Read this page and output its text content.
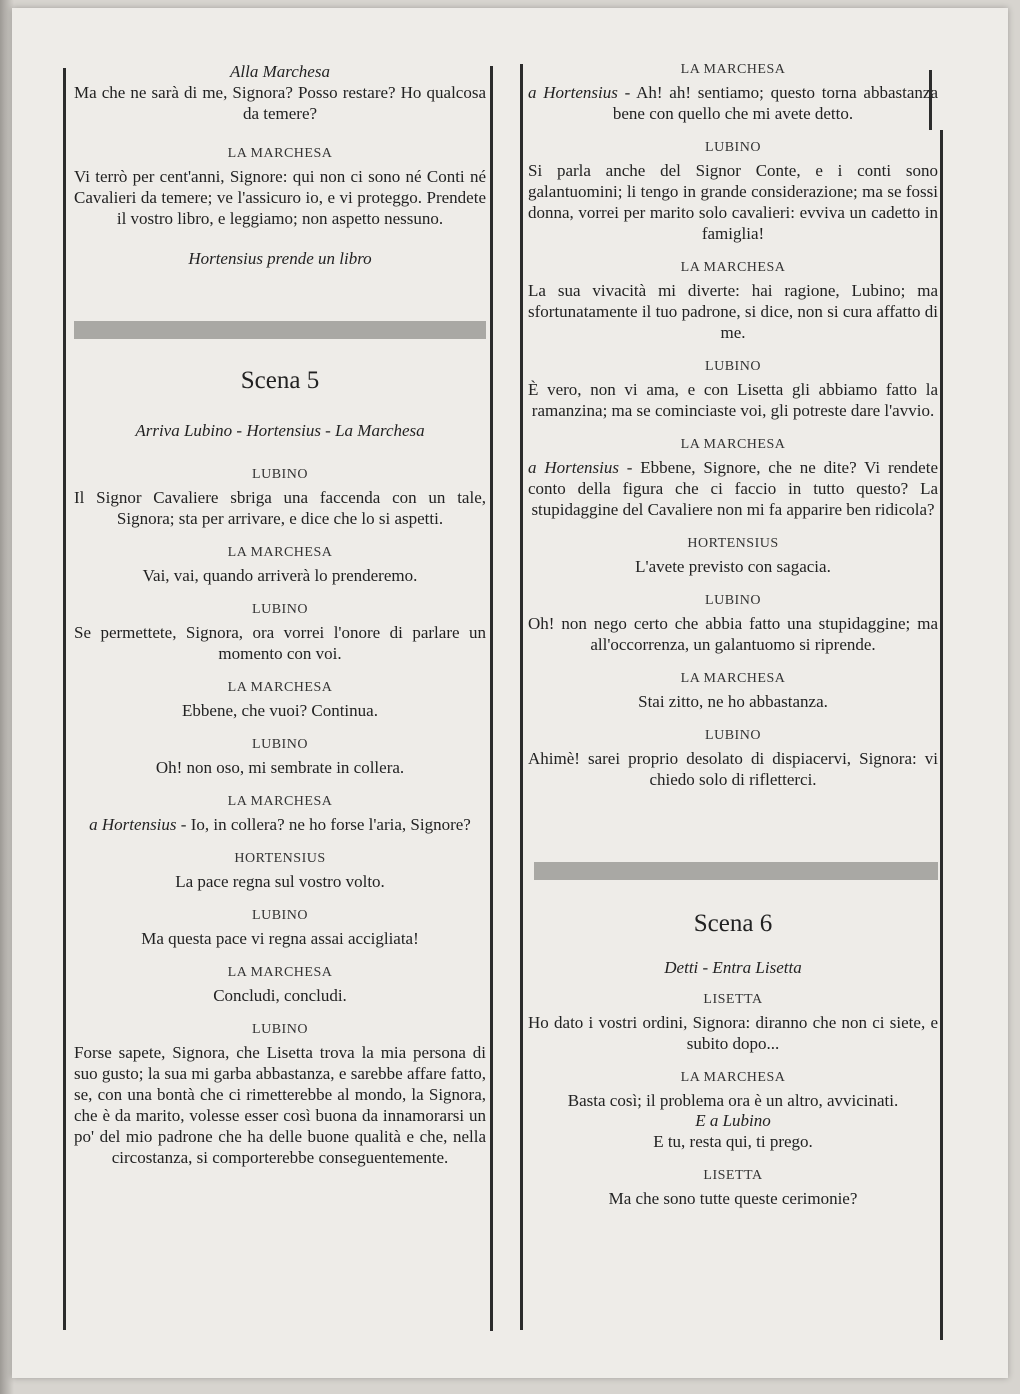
Alla Marchesa
Ma che ne sarà di me, Signora? Posso restare? Ho qualcosa da temere?
LA MARCHESA
Vi terrò per cent'anni, Signore: qui non ci sono né Conti né Cavalieri da temere; ve l'assicuro io, e vi proteggo. Prendete il vostro libro, e leggiamo; non aspetto nessuno.
Hortensius prende un libro
Scena 5
Arriva Lubino - Hortensius - La Marchesa
LUBINO
Il Signor Cavaliere sbriga una faccenda con un tale, Signora; sta per arrivare, e dice che lo si aspetti.
LA MARCHESA
Vai, vai, quando arriverà lo prenderemo.
LUBINO
Se permettete, Signora, ora vorrei l'onore di parlare un momento con voi.
LA MARCHESA
Ebbene, che vuoi? Continua.
LUBINO
Oh! non oso, mi sembrate in collera.
LA MARCHESA
a Hortensius - Io, in collera? ne ho forse l'aria, Signore?
HORTENSIUS
La pace regna sul vostro volto.
LUBINO
Ma questa pace vi regna assai accigliata!
LA MARCHESA
Concludi, concludi.
LUBINO
Forse sapete, Signora, che Lisetta trova la mia persona di suo gusto; la sua mi garba abbastanza, e sarebbe affare fatto, se, con una bontà che ci rimetterebbe al mondo, la Signora, che è da marito, volesse esser così buona da innamorarsi un po' del mio padrone che ha delle buone qualità e che, nella circostanza, si comporterebbe conseguentemente.
LA MARCHESA
a Hortensius - Ah! ah! sentiamo; questo torna abbastanza bene con quello che mi avete detto.
LUBINO
Si parla anche del Signor Conte, e i conti sono galantuomini; li tengo in grande considerazione; ma se fossi donna, vorrei per marito solo cavalieri: evviva un cadetto in famiglia!
LA MARCHESA
La sua vivacità mi diverte: hai ragione, Lubino; ma sfortunatamente il tuo padrone, si dice, non si cura affatto di me.
LUBINO
È vero, non vi ama, e con Lisetta gli abbiamo fatto la ramanzina; ma se cominciaste voi, gli potreste dare l'avvio.
LA MARCHESA
a Hortensius - Ebbene, Signore, che ne dite? Vi rendete conto della figura che ci faccio in tutto questo? La stupidaggine del Cavaliere non mi fa apparire ben ridicola?
HORTENSIUS
L'avete previsto con sagacia.
LUBINO
Oh! non nego certo che abbia fatto una stupidaggine; ma all'occorrenza, un galantuomo si riprende.
LA MARCHESA
Stai zitto, ne ho abbastanza.
LUBINO
Ahimè! sarei proprio desolato di dispiacervi, Signora: vi chiedo solo di rifletterci.
Scena 6
Detti - Entra Lisetta
LISETTA
Ho dato i vostri ordini, Signora: diranno che non ci siete, e subito dopo...
LA MARCHESA
Basta così; il problema ora è un altro, avvicinati.
E a Lubino
E tu, resta qui, ti prego.
LISETTA
Ma che sono tutte queste cerimonie?
